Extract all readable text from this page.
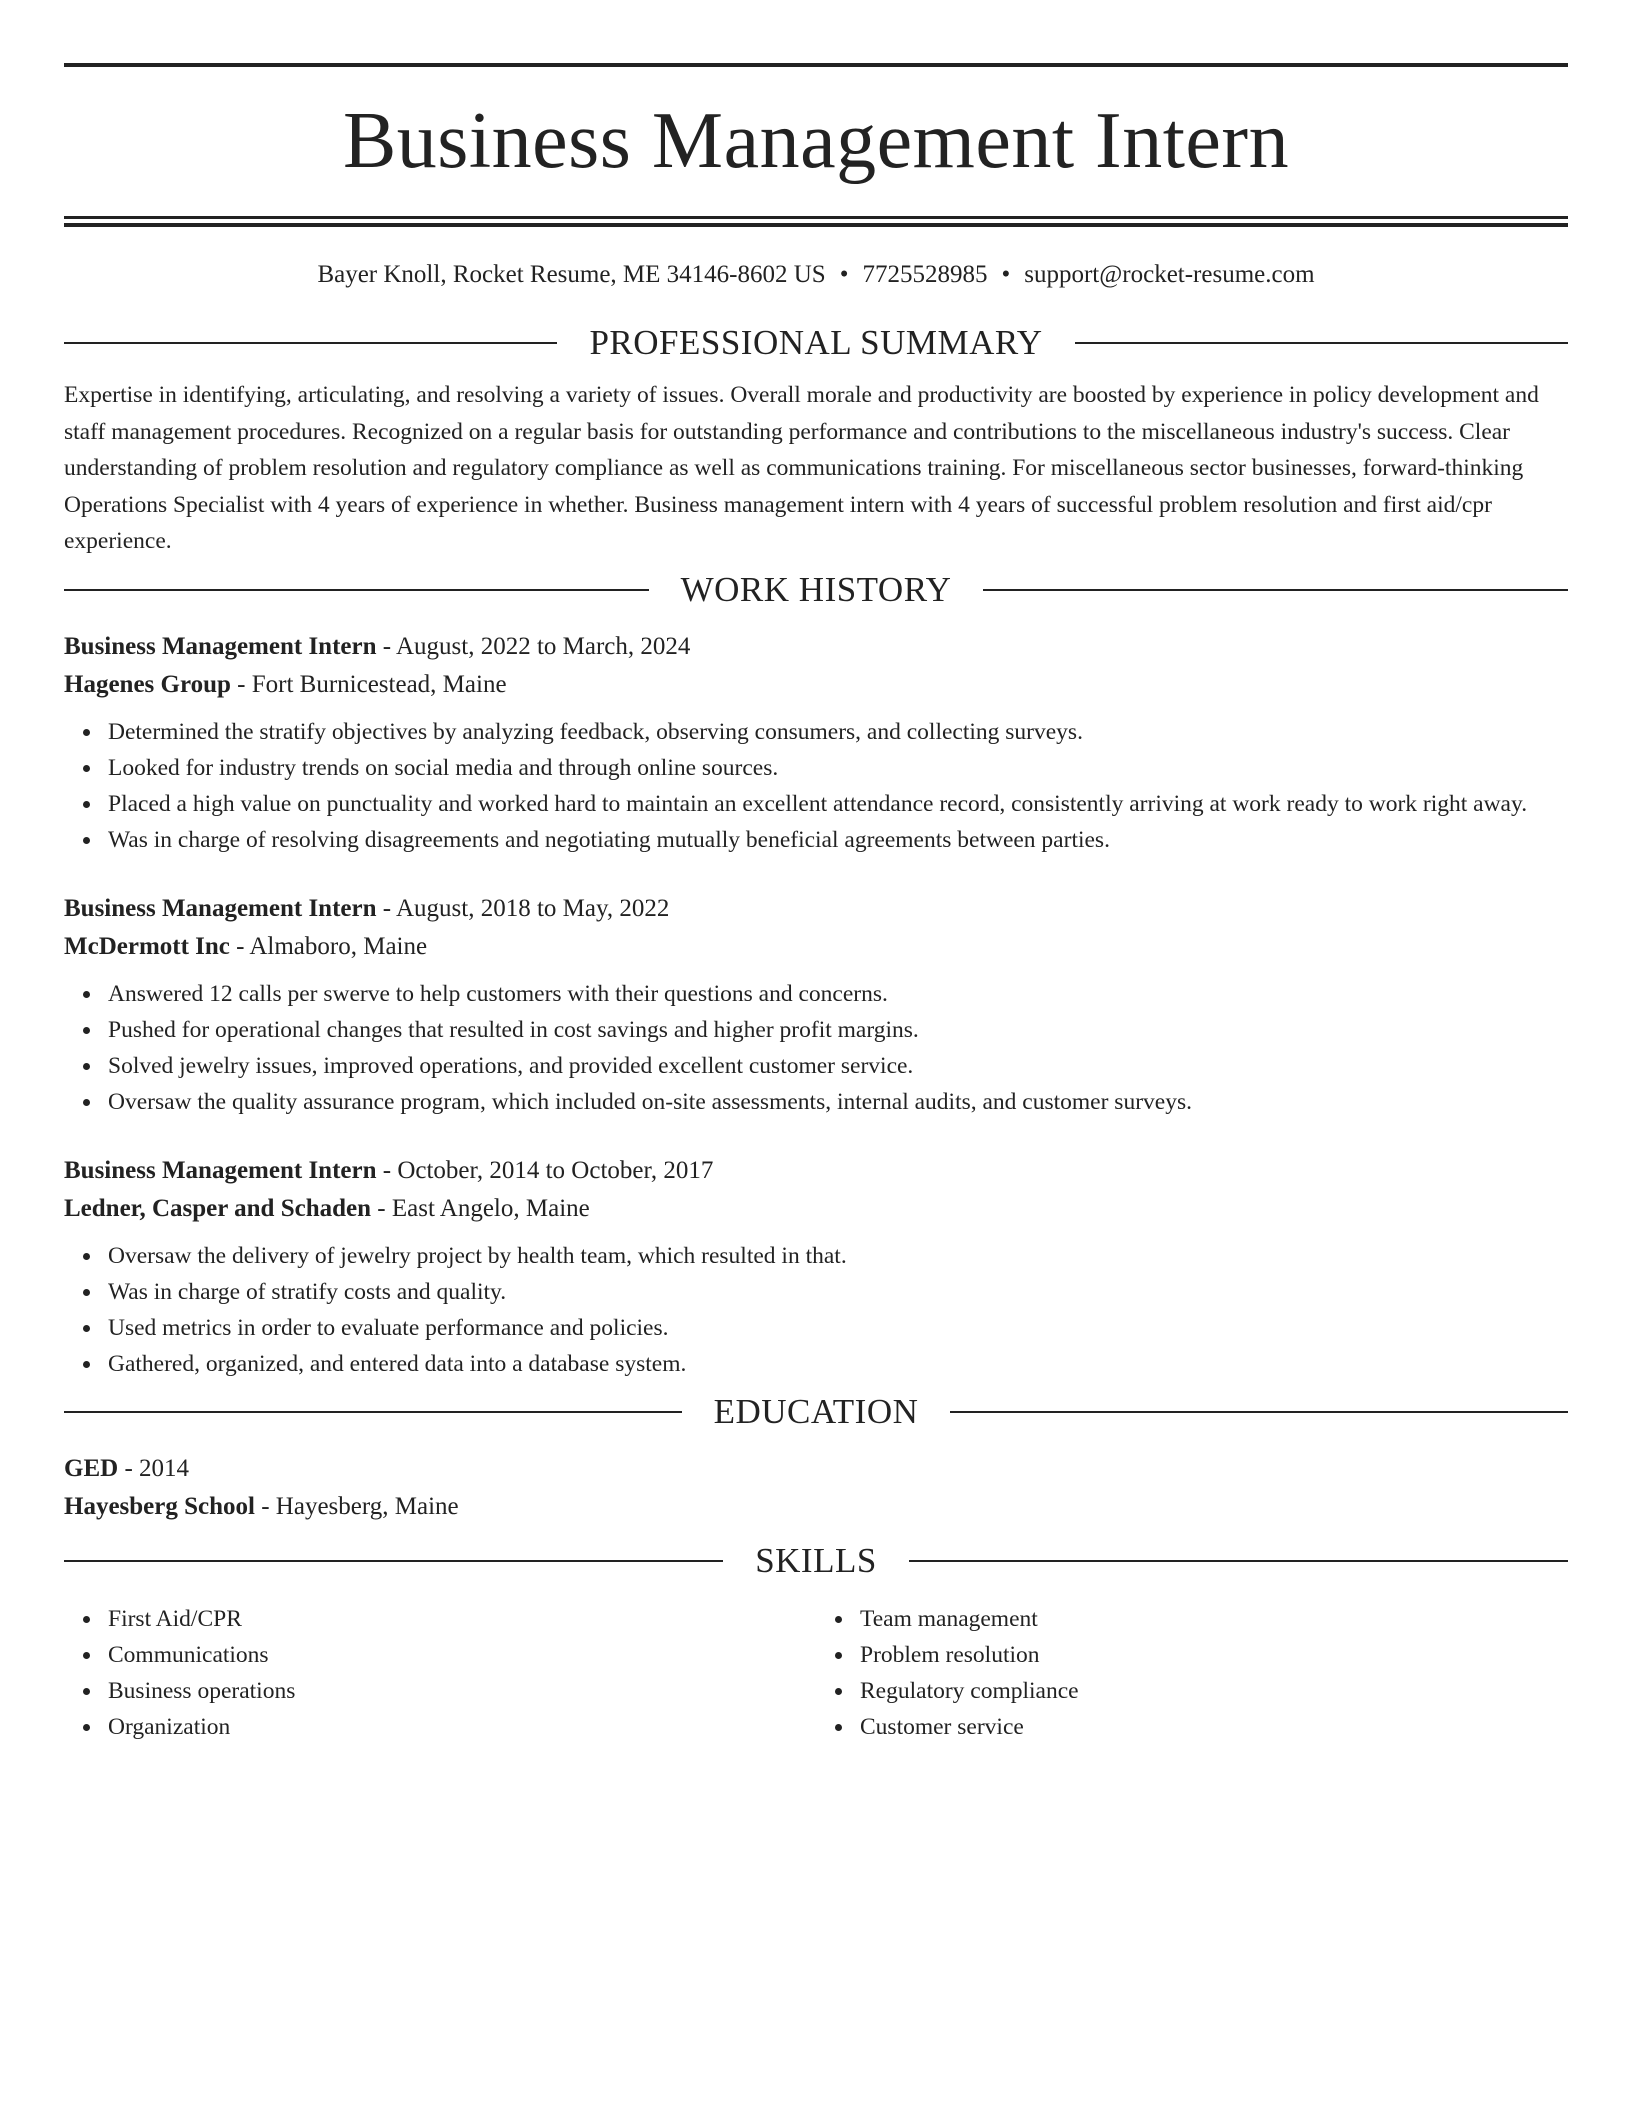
Business Management Intern
Bayer Knoll, Rocket Resume, ME 34146-8602 US • 7725528985 • support@rocket-resume.com
PROFESSIONAL SUMMARY

Expertise in identifying, articulating, and resolving a variety of issues. Overall morale and productivity are boosted by experience in policy development and staff management procedures. Recognized on a regular basis for outstanding performance and contributions to the miscellaneous industry's success. Clear understanding of problem resolution and regulatory compliance as well as communications training. For miscellaneous sector businesses, forward-thinking Operations Specialist with 4 years of experience in whether. Business management intern with 4 years of successful problem resolution and first aid/cpr experience.

WORK HISTORY
Business Management Intern - August, 2022 to March, 2024
Hagenes Group - Fort Burnicestead, Maine
Determined the stratify objectives by analyzing feedback, observing consumers, and collecting surveys.
Looked for industry trends on social media and through online sources.
Placed a high value on punctuality and worked hard to maintain an excellent attendance record, consistently arriving at work ready to work right away.
Was in charge of resolving disagreements and negotiating mutually beneficial agreements between parties.
Business Management Intern - August, 2018 to May, 2022
McDermott Inc - Almaboro, Maine
Answered 12 calls per swerve to help customers with their questions and concerns.
Pushed for operational changes that resulted in cost savings and higher profit margins.
Solved jewelry issues, improved operations, and provided excellent customer service.
Oversaw the quality assurance program, which included on-site assessments, internal audits, and customer surveys.
Business Management Intern - October, 2014 to October, 2017
Ledner, Casper and Schaden - East Angelo, Maine
Oversaw the delivery of jewelry project by health team, which resulted in that.
Was in charge of stratify costs and quality.
Used metrics in order to evaluate performance and policies.
Gathered, organized, and entered data into a database system.
EDUCATION
GED - 2014
Hayesberg School - Hayesberg, Maine
SKILLS
First Aid/CPR
Communications
Business operations
Organization
Team management
Problem resolution
Regulatory compliance
Customer service
